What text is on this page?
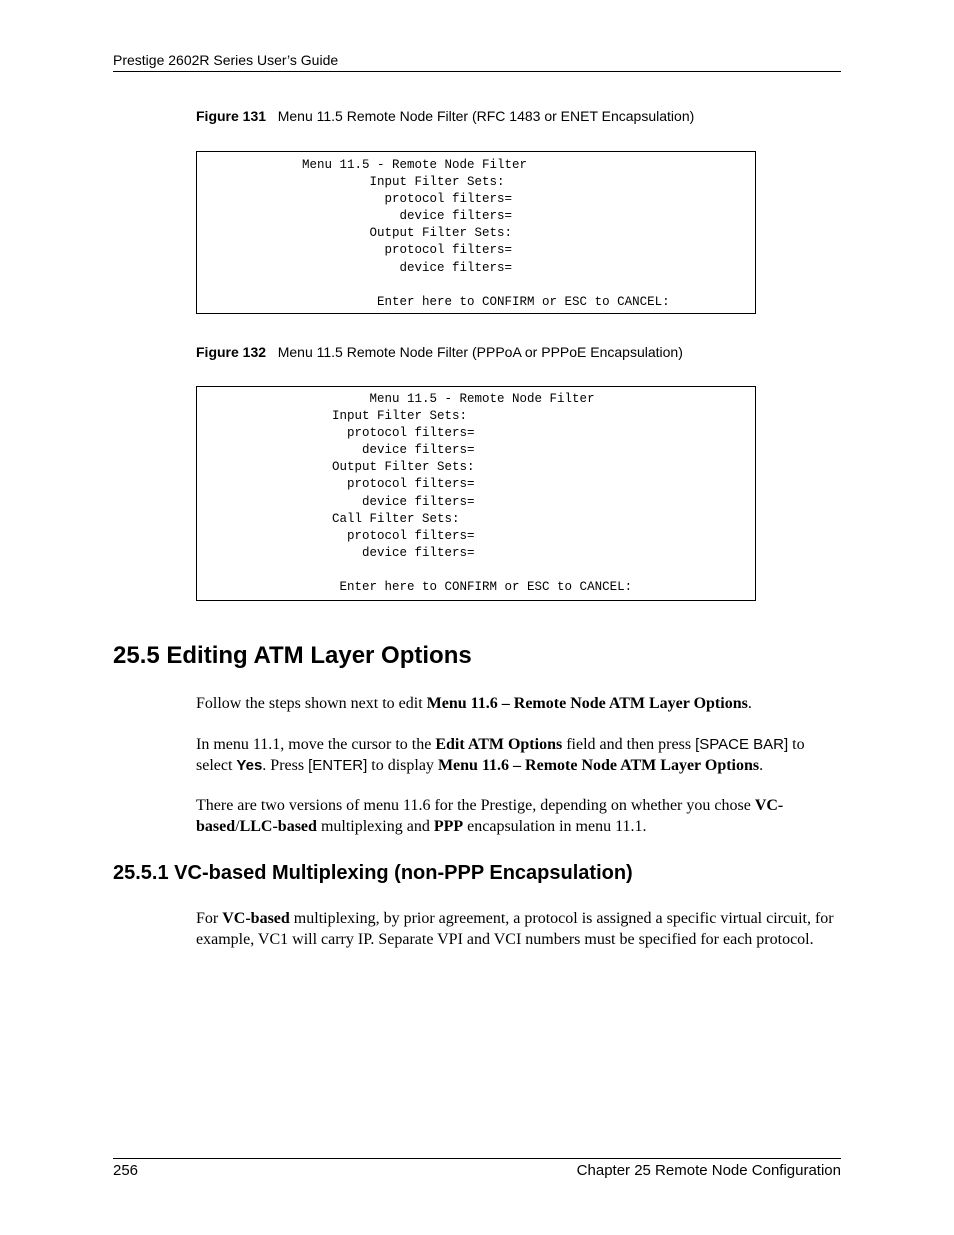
Prestige 2602R Series User’s Guide
Figure 131 Menu 11.5 Remote Node Filter (RFC 1483 or ENET Encapsulation)
Menu 11.5 - Remote Node Filter
Input Filter Sets:
protocol filters=
device filters=
Output Filter Sets:
protocol filters=
device filters=

Enter here to CONFIRM or ESC to CANCEL:
Figure 132 Menu 11.5 Remote Node Filter (PPPoA or PPPoE Encapsulation)
Menu 11.5 - Remote Node Filter
Input Filter Sets:
protocol filters=
device filters=
Output Filter Sets:
protocol filters=
device filters=
Call Filter Sets:
protocol filters=
device filters=

Enter here to CONFIRM or ESC to CANCEL:
25.5 Editing ATM Layer Options
Follow the steps shown next to edit Menu 11.6 – Remote Node ATM Layer Options.
In menu 11.1, move the cursor to the Edit ATM Options field and then press [SPACE BAR] to select Yes. Press [ENTER] to display Menu 11.6 – Remote Node ATM Layer Options.
There are two versions of menu 11.6 for the Prestige, depending on whether you chose VC-based/LLC-based multiplexing and PPP encapsulation in menu 11.1.
25.5.1 VC-based Multiplexing (non-PPP Encapsulation)
For VC-based multiplexing, by prior agreement, a protocol is assigned a specific virtual circuit, for example, VC1 will carry IP. Separate VPI and VCI numbers must be specified for each protocol.
256	Chapter 25 Remote Node Configuration
